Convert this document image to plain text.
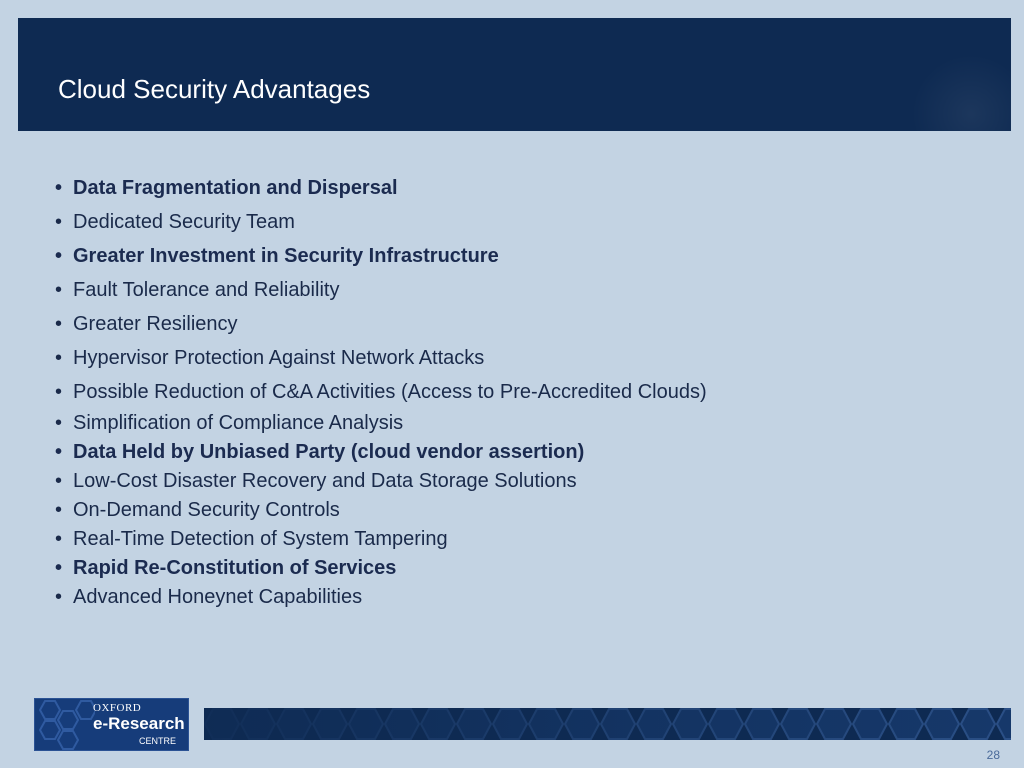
Cloud Security Advantages
• Data Fragmentation and Dispersal
• Dedicated Security Team
• Greater Investment in Security Infrastructure
• Fault Tolerance and Reliability
• Greater Resiliency
• Hypervisor Protection Against Network Attacks
• Possible Reduction of C&A Activities (Access to Pre-Accredited Clouds)
• Simplification of Compliance Analysis
• Data Held by Unbiased Party (cloud vendor assertion)
• Low-Cost Disaster Recovery and Data Storage Solutions
• On-Demand Security Controls
• Real-Time Detection of System Tampering
• Rapid Re-Constitution of Services
• Advanced Honeynet Capabilities
OXFORD
e-Research
CENTRE
28
